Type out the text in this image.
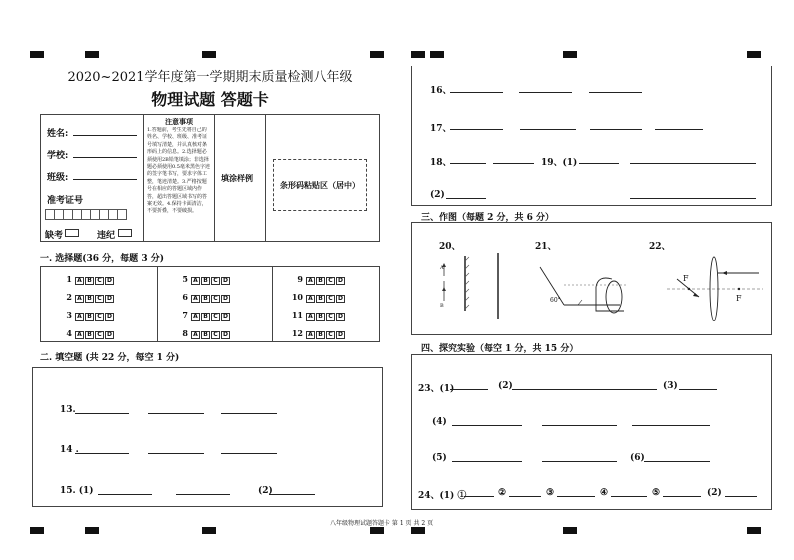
2020~2021学年度第一学期期末质量检测八年级
物理试题 答题卡
姓名:
学校:
班级:
准考证号
缺考	违纪
注意事项
1.答题前，考生先将自己的姓名、学校、班级、准考证号填写清楚，并认真核对条形码上的信息。2.选择题必须使用2B铅笔填涂；非选择题必须使用0.5毫米黑色字迹的签字笔书写，要求字体工整，笔迹清楚。3.严格按题号在相应的答题区域内作答，超出答题区域书写的答案无效。4.保持卡面清洁，不要折叠，不要破损。
填涂样例
条形码粘贴区（居中）
一. 选择题(36 分，每题 3 分)
1 A B C D
2 A B C D
3 A B C D
4 A B C D
5 A B C D
6 A B C D
7 A B C D
8 A B C D
9 A B C D
10 A B C D
11 A B C D
12 A B C D
二. 填空题 (共 22 分，每空 1 分)
13.
14 .
15. (1)	(2)
16、
17、
18、	19、(1)
(2)
三、作图（每题 2 分，共 6 分）
20、	21、	22、
A
B
60°
F
F
四、探究实验（每空 1 分，共 15 分）
23、(1)	(2)	(3)
(4)
(5)	(6)
24、(1) ①	②	③	④	⑤	(2)
八年级物理试题答题卡 第 1 页 共 2 页
